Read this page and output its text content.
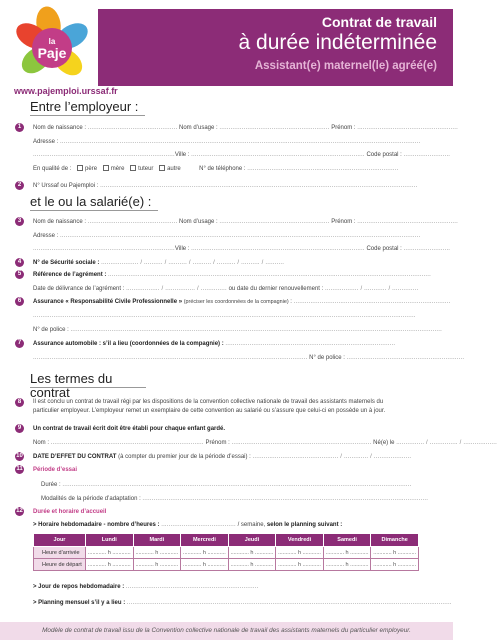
Contrat de travail
à durée indéterminée
Assistant(e) maternel(le) agréé(e)
la
Paje
www.pajemploi.urssaf.fr
Entre l’employeur :
1	Nom de naissance : ................................................ Nom d’usage : ........................................................... Prénom : ......................................................
Adresse : .................................................................................................................................................................................................
............................................................................Ville : ............................................................................................. Code postal : .........................
En qualité de : père mère tuteur autre	N° de téléphone : .................................................................................
2	N° Urssaf ou Pajemploi : ..........................................................................................................................................................................
et le ou la salarié(e) :
3	Nom de naissance : ................................................ Nom d’usage : ........................................................... Prénom : ......................................................
Adresse : .................................................................................................................................................................................................
............................................................................Ville : ............................................................................................. Code postal : .........................
4	N° de Sécurité sociale : .................... / .......... / .......... / .......... / .......... / .......... / ..........
5	Référence de l’agrément : .............................................................................................................................................................................
Date de délivrance de l’agrément : .................. / ................ / .............. ou date du dernier renouvellement : .................. / ............ / ..............
6	Assurance « Responsabilité Civile Professionnelle » (préciser les coordonnées de la compagnie) : ....................................................................................
.............................................................................................................................................................................................................
N° de police : .......................................................................................................................................................................................................
7	Assurance automobile : s’il a lieu (coordonnées de la compagnie) : ...........................................................................................
................................................................................................................................................... N° de police : ...............................................................
Les termes du contrat
8	Il est conclu un contrat de travail régi par les dispositions de la convention collective nationale de travail des assistants maternels du
particulier employeur. L’employeur remet un exemplaire de cette convention au salarié ou s’assure que celui-ci en possède un à jour.
9	Un contrat de travail écrit doit être établi pour chaque enfant gardé.
Nom : .................................................................................. Prénom : ........................................................................... Né(e) le ............... / ............... / ..................
10 DATE D’EFFET DU CONTRAT (à compter du premier jour de la période d’essai) : .............................................. / ............. / ....................
11 Période d’essai
Durée : ...........................................................................................................................................................................................
Modalités de la période d’adaptation : .........................................................................................................................................................
12 Durée et horaire d’accueil
> Horaire hebdomadaire - nombre d’heures : ........................................ / semaine, selon le planning suivant :
Jour	Lundi	Mardi	Mercredi	Jeudi	Vendredi	Samedi	Dimanche
Heure d’arrivée	............ h ............	............ h ............	............ h ............	............ h ............	............ h ............	............ h ............	............ h ............
Heure de départ	............ h ............	............ h ............	............ h ............	............ h ............	............ h ............	............ h ............	............ h ............
> Jour de repos hebdomadaire : .......................................................................
> Planning mensuel s’il y a lieu : ..............................................................................................................................................................................
Modèle de contrat de travail issu de la Convention collective nationale de travail des assistants maternels du particulier employeur.
